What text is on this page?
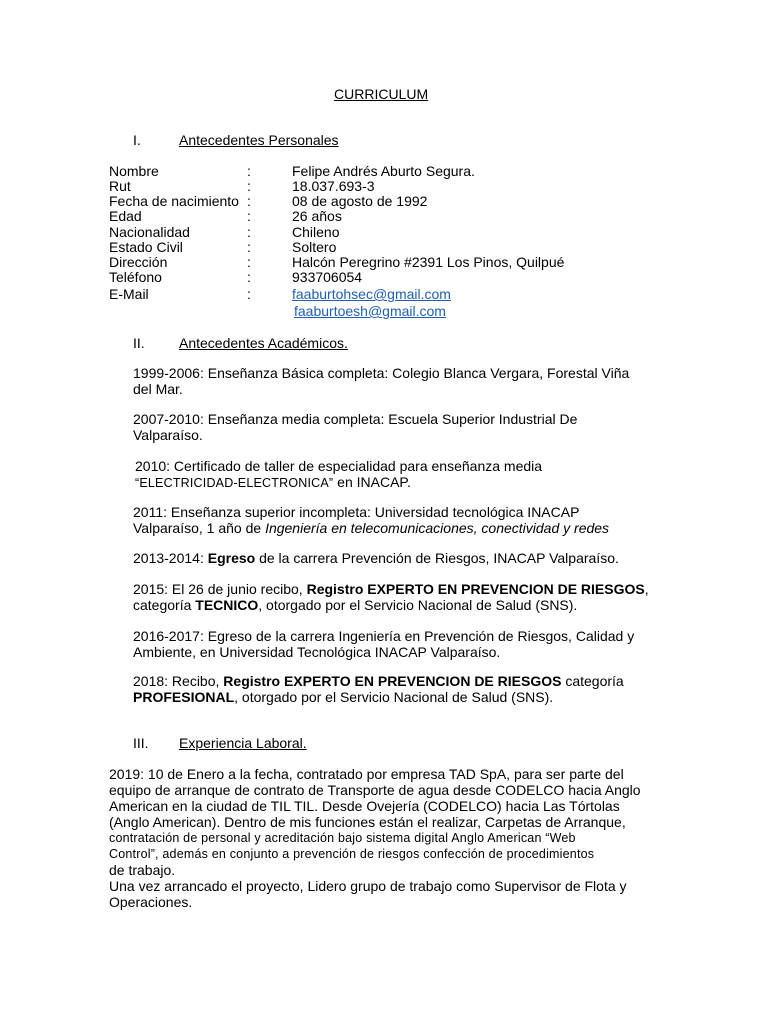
CURRICULUM
I.	Antecedentes Personales
Nombre	:	Felipe Andrés Aburto Segura.
Rut	:	18.037.693-3
Fecha de nacimiento :	08 de agosto de 1992
Edad	:	26 años
Nacionalidad	:	Chileno
Estado Civil	:	Soltero
Dirección	:	Halcón Peregrino #2391 Los Pinos, Quilpué
Teléfono	:	933706054
E-Mail	:	faaburtohsec@gmail.com
faaburtoesh@gmail.com
II. Antecedentes Académicos.
1999-2006: Enseñanza Básica completa: Colegio Blanca Vergara, Forestal Viña
del Mar.
2007-2010: Enseñanza media completa: Escuela Superior Industrial De
Valparaíso.
2010: Certificado de taller de especialidad para enseñanza media
“ELECTRICIDAD-ELECTRONICA” en INACAP.
2011: Enseñanza superior incompleta: Universidad tecnológica INACAP
Valparaíso, 1 año de Ingeniería en telecomunicaciones, conectividad y redes
2013-2014: Egreso de la carrera Prevención de Riesgos, INACAP Valparaíso.
2015: El 26 de junio recibo, Registro EXPERTO EN PREVENCION DE RIESGOS,
categoría TECNICO, otorgado por el Servicio Nacional de Salud (SNS).
2016-2017: Egreso de la carrera Ingeniería en Prevención de Riesgos, Calidad y
Ambiente, en Universidad Tecnológica INACAP Valparaíso.
2018: Recibo, Registro EXPERTO EN PREVENCION DE RIESGOS categoría
PROFESIONAL, otorgado por el Servicio Nacional de Salud (SNS).
III. Experiencia Laboral.
2019: 10 de Enero a la fecha, contratado por empresa TAD SpA, para ser parte del
equipo de arranque de contrato de Transporte de agua desde CODELCO hacia Anglo
American en la ciudad de TIL TIL. Desde Ovejería (CODELCO) hacia Las Tórtolas
(Anglo American). Dentro de mis funciones están el realizar, Carpetas de Arranque,
contratación de personal y acreditación bajo sistema digital Anglo American “Web
Control”, además en conjunto a prevención de riesgos confección de procedimientos
de trabajo.
Una vez arrancado el proyecto, Lidero grupo de trabajo como Supervisor de Flota y
Operaciones.
